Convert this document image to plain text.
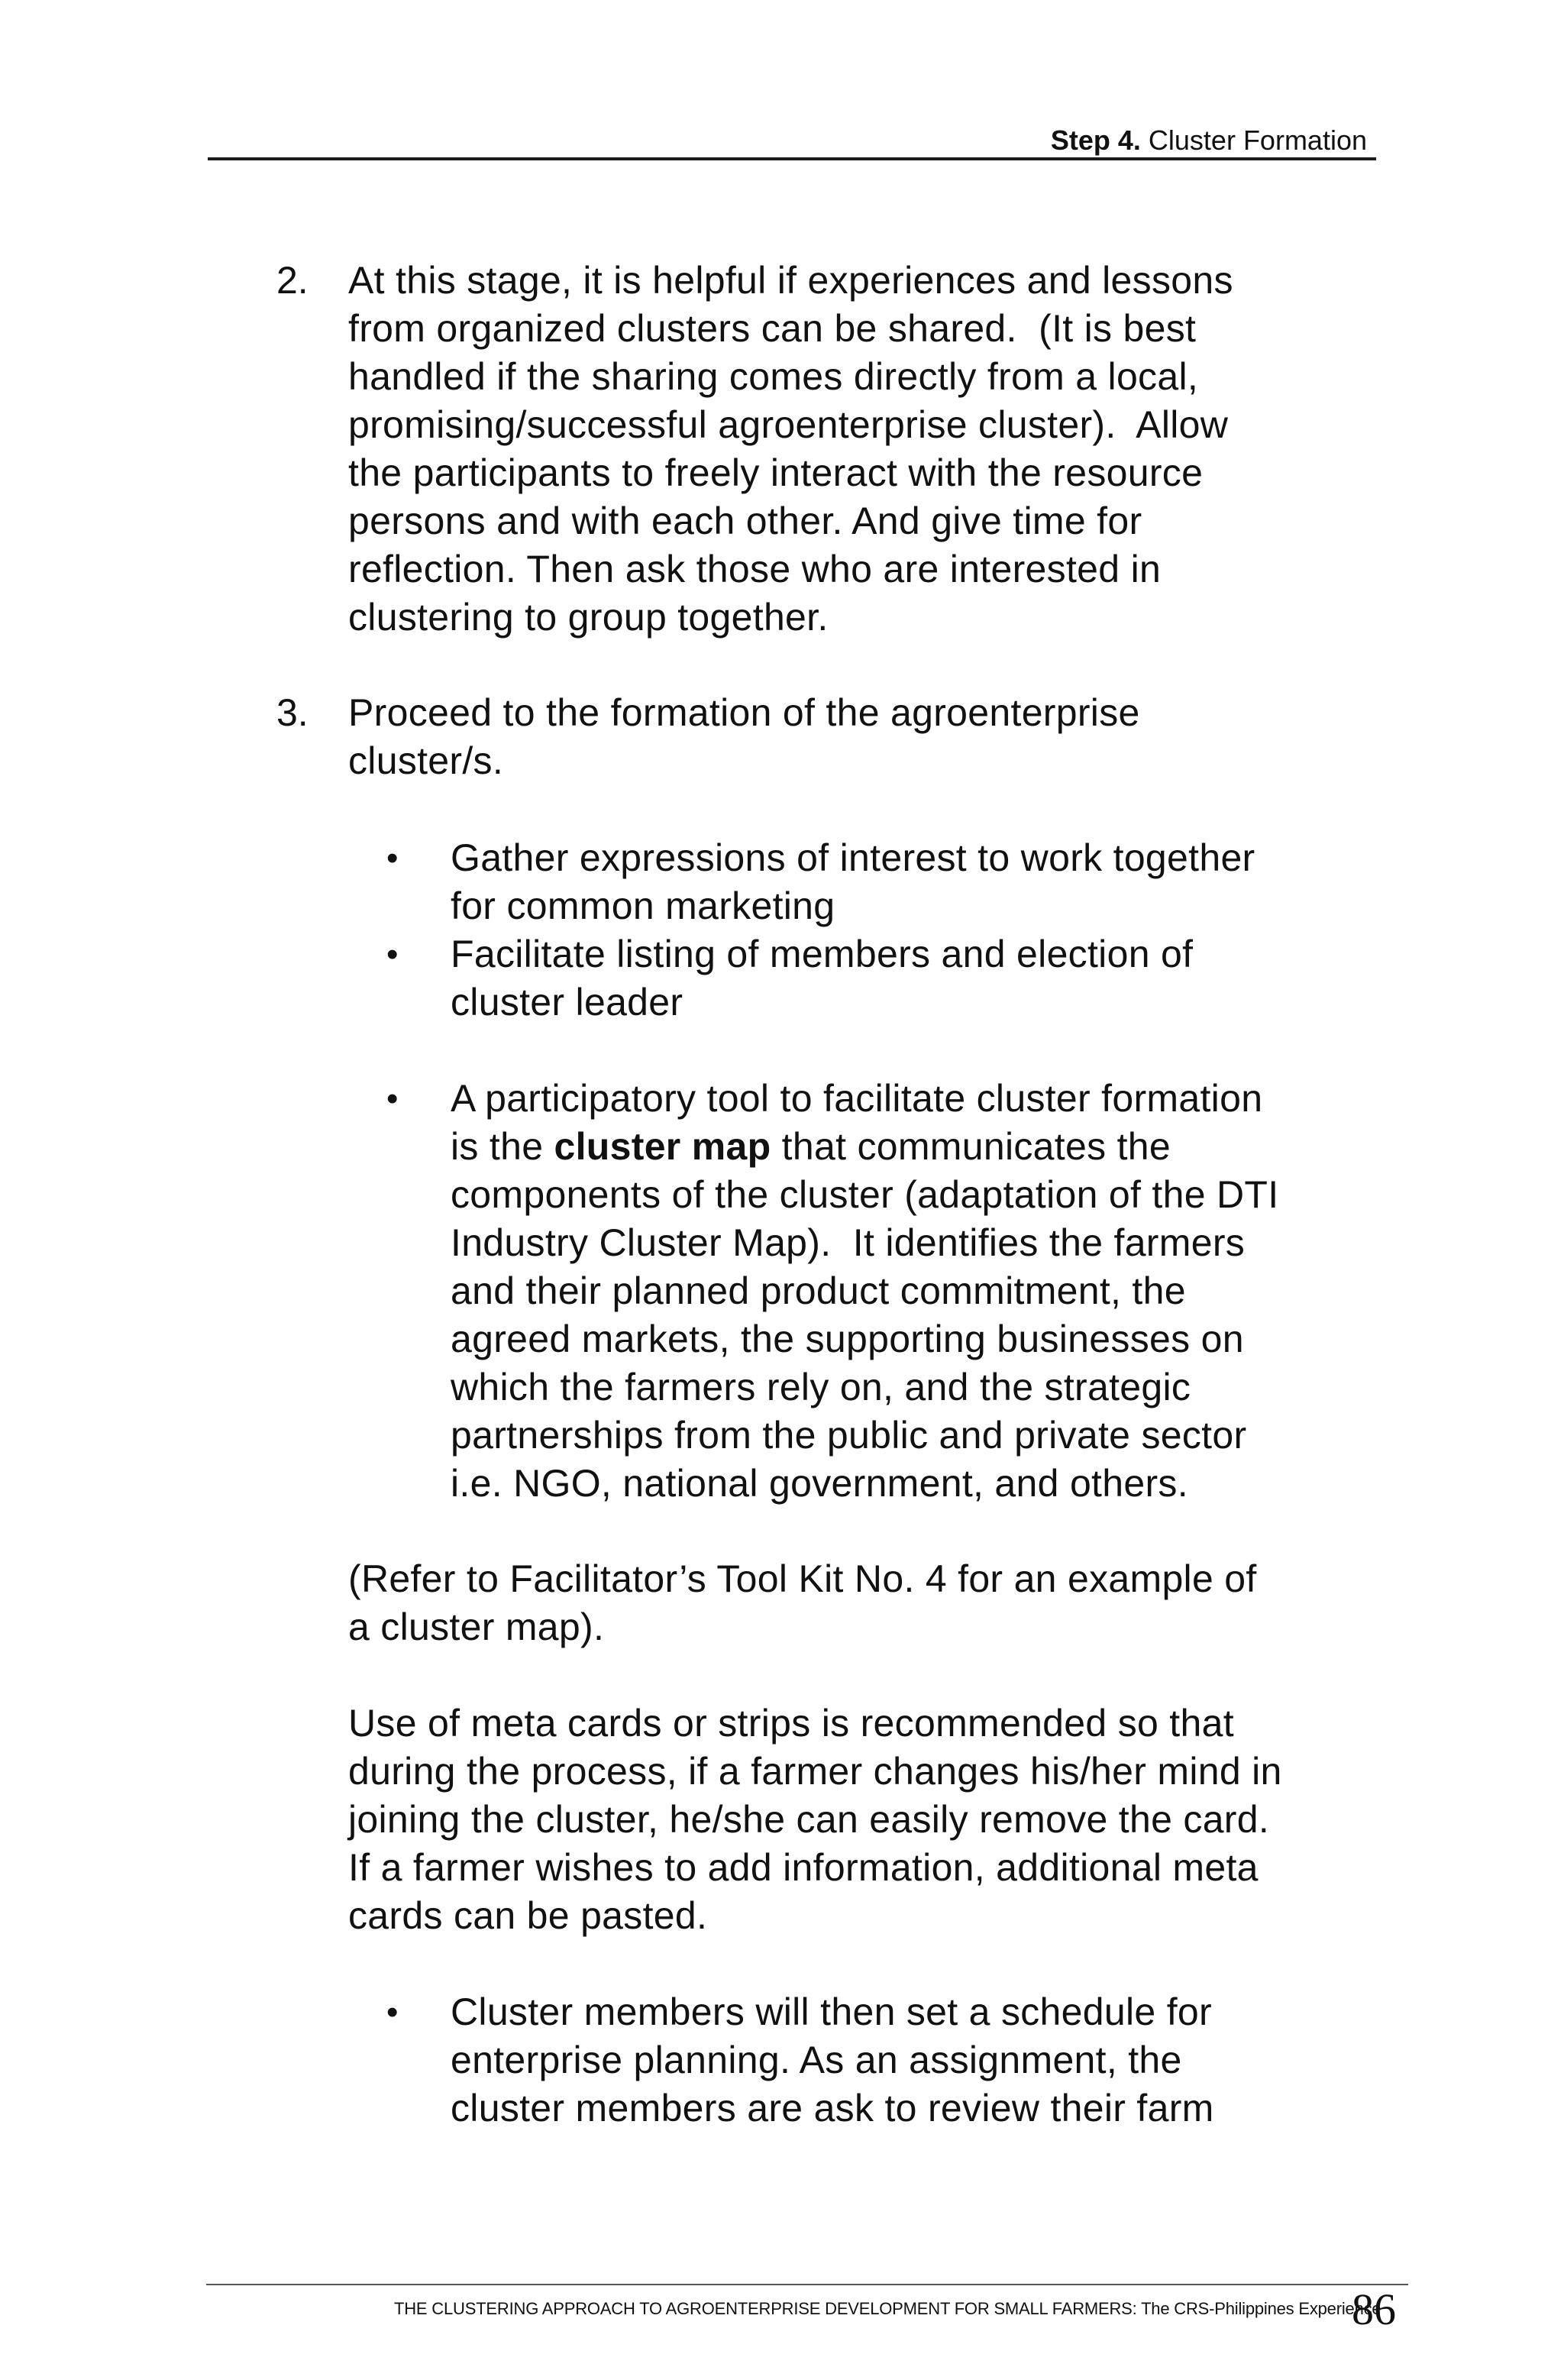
Step 4. Cluster Formation
2. At this stage, it is helpful if experiences and lessons
from organized clusters can be shared.  (It is best
handled if the sharing comes directly from a local,
promising/successful agroenterprise cluster).  Allow
the participants to freely interact with the resource
persons and with each other. And give time for
reflection. Then ask those who are interested in
clustering to group together.
3. Proceed to the formation of the agroenterprise
cluster/s.
• Gather expressions of interest to work together
for common marketing
• Facilitate listing of members and election of
cluster leader
• A participatory tool to facilitate cluster formation
is the cluster map that communicates the
components of the cluster (adaptation of the DTI
Industry Cluster Map).  It identifies the farmers
and their planned product commitment, the
agreed markets, the supporting businesses on
which the farmers rely on, and the strategic
partnerships from the public and private sector
i.e. NGO, national government, and others.
(Refer to Facilitator’s Tool Kit No. 4 for an example of
a cluster map).
Use of meta cards or strips is recommended so that
during the process, if a farmer changes his/her mind in
joining the cluster, he/she can easily remove the card.
If a farmer wishes to add information, additional meta
cards can be pasted.
• Cluster members will then set a schedule for
enterprise planning. As an assignment, the
cluster members are ask to review their farm
THE CLUSTERING APPROACH TO AGROENTERPRISE DEVELOPMENT FOR SMALL FARMERS: The CRS-Philippines Experience
86
